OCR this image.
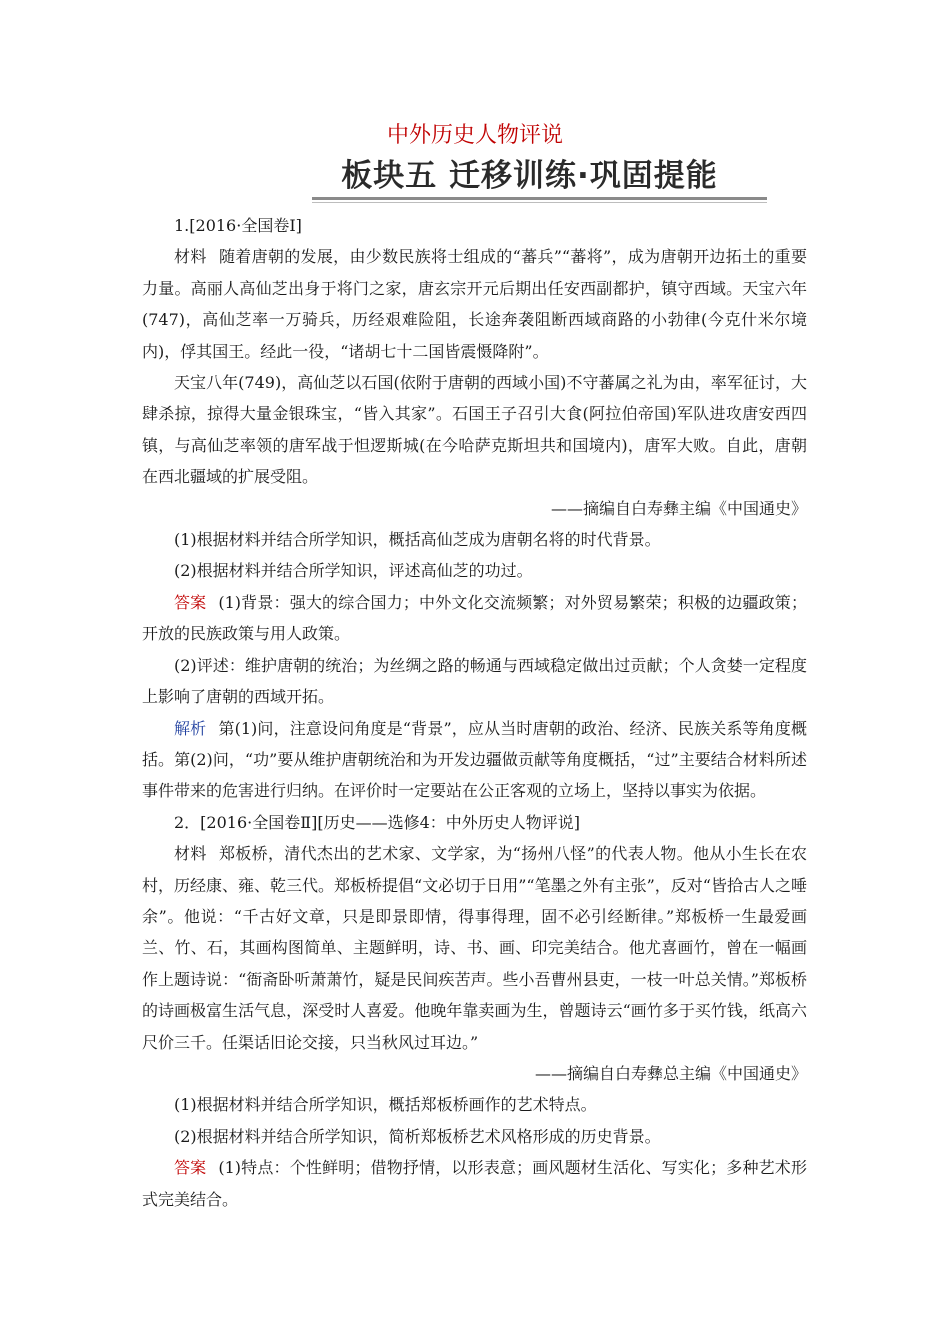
中外历史人物评说
板块五 迁移训练·巩固提能

1.[2016·全国卷Ⅰ]

材料 随着唐朝的发展，由少数民族将士组成的“蕃兵”“蕃将”，成为唐朝开边拓土的重要力量。高丽人高仙芝出身于将门之家，唐玄宗开元后期出任安西副都护，镇守西域。天宝六年(747)，高仙芝率一万骑兵，历经艰难险阻，长途奔袭阻断西域商路的小勃律(今克什米尔境内)，俘其国王。经此一役，“诸胡七十二国皆震慑降附”。

天宝八年(749)，高仙芝以石国(依附于唐朝的西域小国)不守蕃属之礼为由，率军征讨，大肆杀掠，掠得大量金银珠宝，“皆入其家”。石国王子召引大食(阿拉伯帝国)军队进攻唐安西四镇，与高仙芝率领的唐军战于怛逻斯城(在今哈萨克斯坦共和国境内)，唐军大败。自此，唐朝在西北疆域的扩展受阻。

——摘编自白寿彝主编《中国通史》

(1)根据材料并结合所学知识，概括高仙芝成为唐朝名将的时代背景。

(2)根据材料并结合所学知识，评述高仙芝的功过。

答案 (1)背景：强大的综合国力；中外文化交流频繁；对外贸易繁荣；积极的边疆政策；开放的民族政策与用人政策。

(2)评述：维护唐朝的统治；为丝绸之路的畅通与西域稳定做出过贡献；个人贪婪一定程度上影响了唐朝的西域开拓。

解析 第(1)问，注意设问角度是“背景”，应从当时唐朝的政治、经济、民族关系等角度概括。第(2)问，“功”要从维护唐朝统治和为开发边疆做贡献等角度概括，“过”主要结合材料所述事件带来的危害进行归纳。在评价时一定要站在公正客观的立场上，坚持以事实为依据。

2．[2016·全国卷Ⅱ][历史——选修4：中外历史人物评说]

材料 郑板桥，清代杰出的艺术家、文学家，为“扬州八怪”的代表人物。他从小生长在农村，历经康、雍、乾三代。郑板桥提倡“文必切于日用”“笔墨之外有主张”，反对“皆拾古人之唾余”。他说：“千古好文章，只是即景即情，得事得理，固不必引经断律。”郑板桥一生最爱画兰、竹、石，其画构图简单、主题鲜明，诗、书、画、印完美结合。他尤喜画竹，曾在一幅画作上题诗说：“衙斋卧听萧萧竹，疑是民间疾苦声。些小吾曹州县吏，一枝一叶总关情。”郑板桥的诗画极富生活气息，深受时人喜爱。他晚年靠卖画为生，曾题诗云“画竹多于买竹钱，纸高六尺价三千。任渠话旧论交接，只当秋风过耳边。”

——摘编自白寿彝总主编《中国通史》

(1)根据材料并结合所学知识，概括郑板桥画作的艺术特点。

(2)根据材料并结合所学知识，简析郑板桥艺术风格形成的历史背景。

答案 (1)特点：个性鲜明；借物抒情，以形表意；画风题材生活化、写实化；多种艺术形式完美结合。
